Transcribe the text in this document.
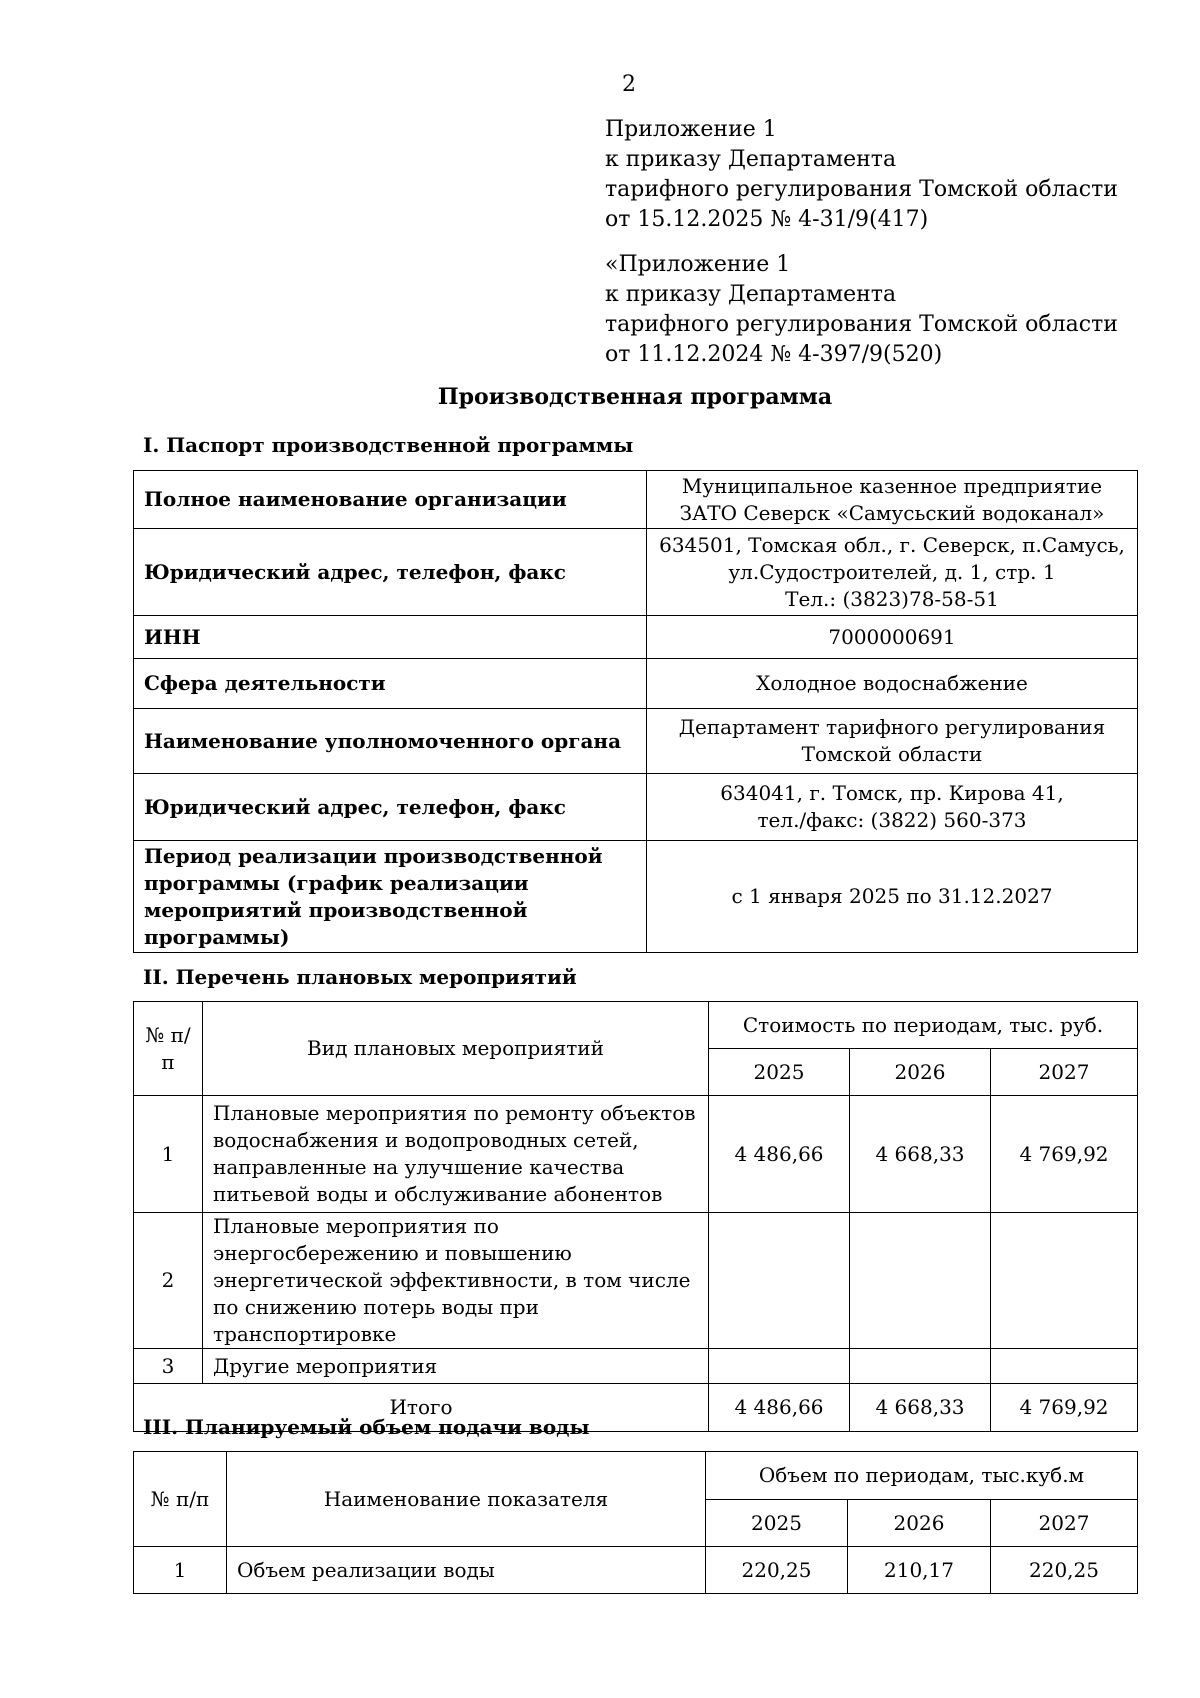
2
Приложение 1
к приказу Департамента
тарифного регулирования Томской области
от 15.12.2025 № 4-31/9(417)
«Приложение 1
к приказу Департамента
тарифного регулирования Томской области
от 11.12.2024 № 4-397/9(520)
Производственная программа
I. Паспорт производственной программы
Полное наименование организации	Муниципальное казенное предприятие
ЗАТО Северск «Самусьский водоканал»

Юридический адрес, телефон, факс	634501, Томская обл., г. Северск, п.Самусь,
ул.Судостроителей, д. 1, стр. 1
Тел.: (3823)78-58-51

ИНН	7000000691

Сфера деятельности	Холодное водоснабжение

Наименование уполномоченного органа	Департамент тарифного регулирования
Томской области

Юридический адрес, телефон, факс	634041, г. Томск, пр. Кирова 41,
тел./факс: (3822) 560-373

Период реализации производственной программы (график реализации мероприятий производственной программы)	с 1 января 2025 по 31.12.2027
II. Перечень плановых мероприятий
№ п/п	Вид плановых мероприятий	Стоимость по периодам, тыс. руб.		
		2025	2026	2027
1	Плановые мероприятия по ремонту объектов водоснабжения и водопроводных сетей, направленные на улучшение качества питьевой воды и обслуживание абонентов	4 486,66	4 668,33	4 769,92
2	Плановые мероприятия по энергосбережению и повышению энергетической эффективности, в том числе по снижению потерь воды при транспортировке			
3	Другие мероприятия			
Итого		4 486,66	4 668,33	4 769,92
III. Планируемый объем подачи воды
№ п/п	Наименование показателя	Объем по периодам, тыс.куб.м		
		2025	2026	2027
1	Объем реализации воды	220,25	210,17	220,25
